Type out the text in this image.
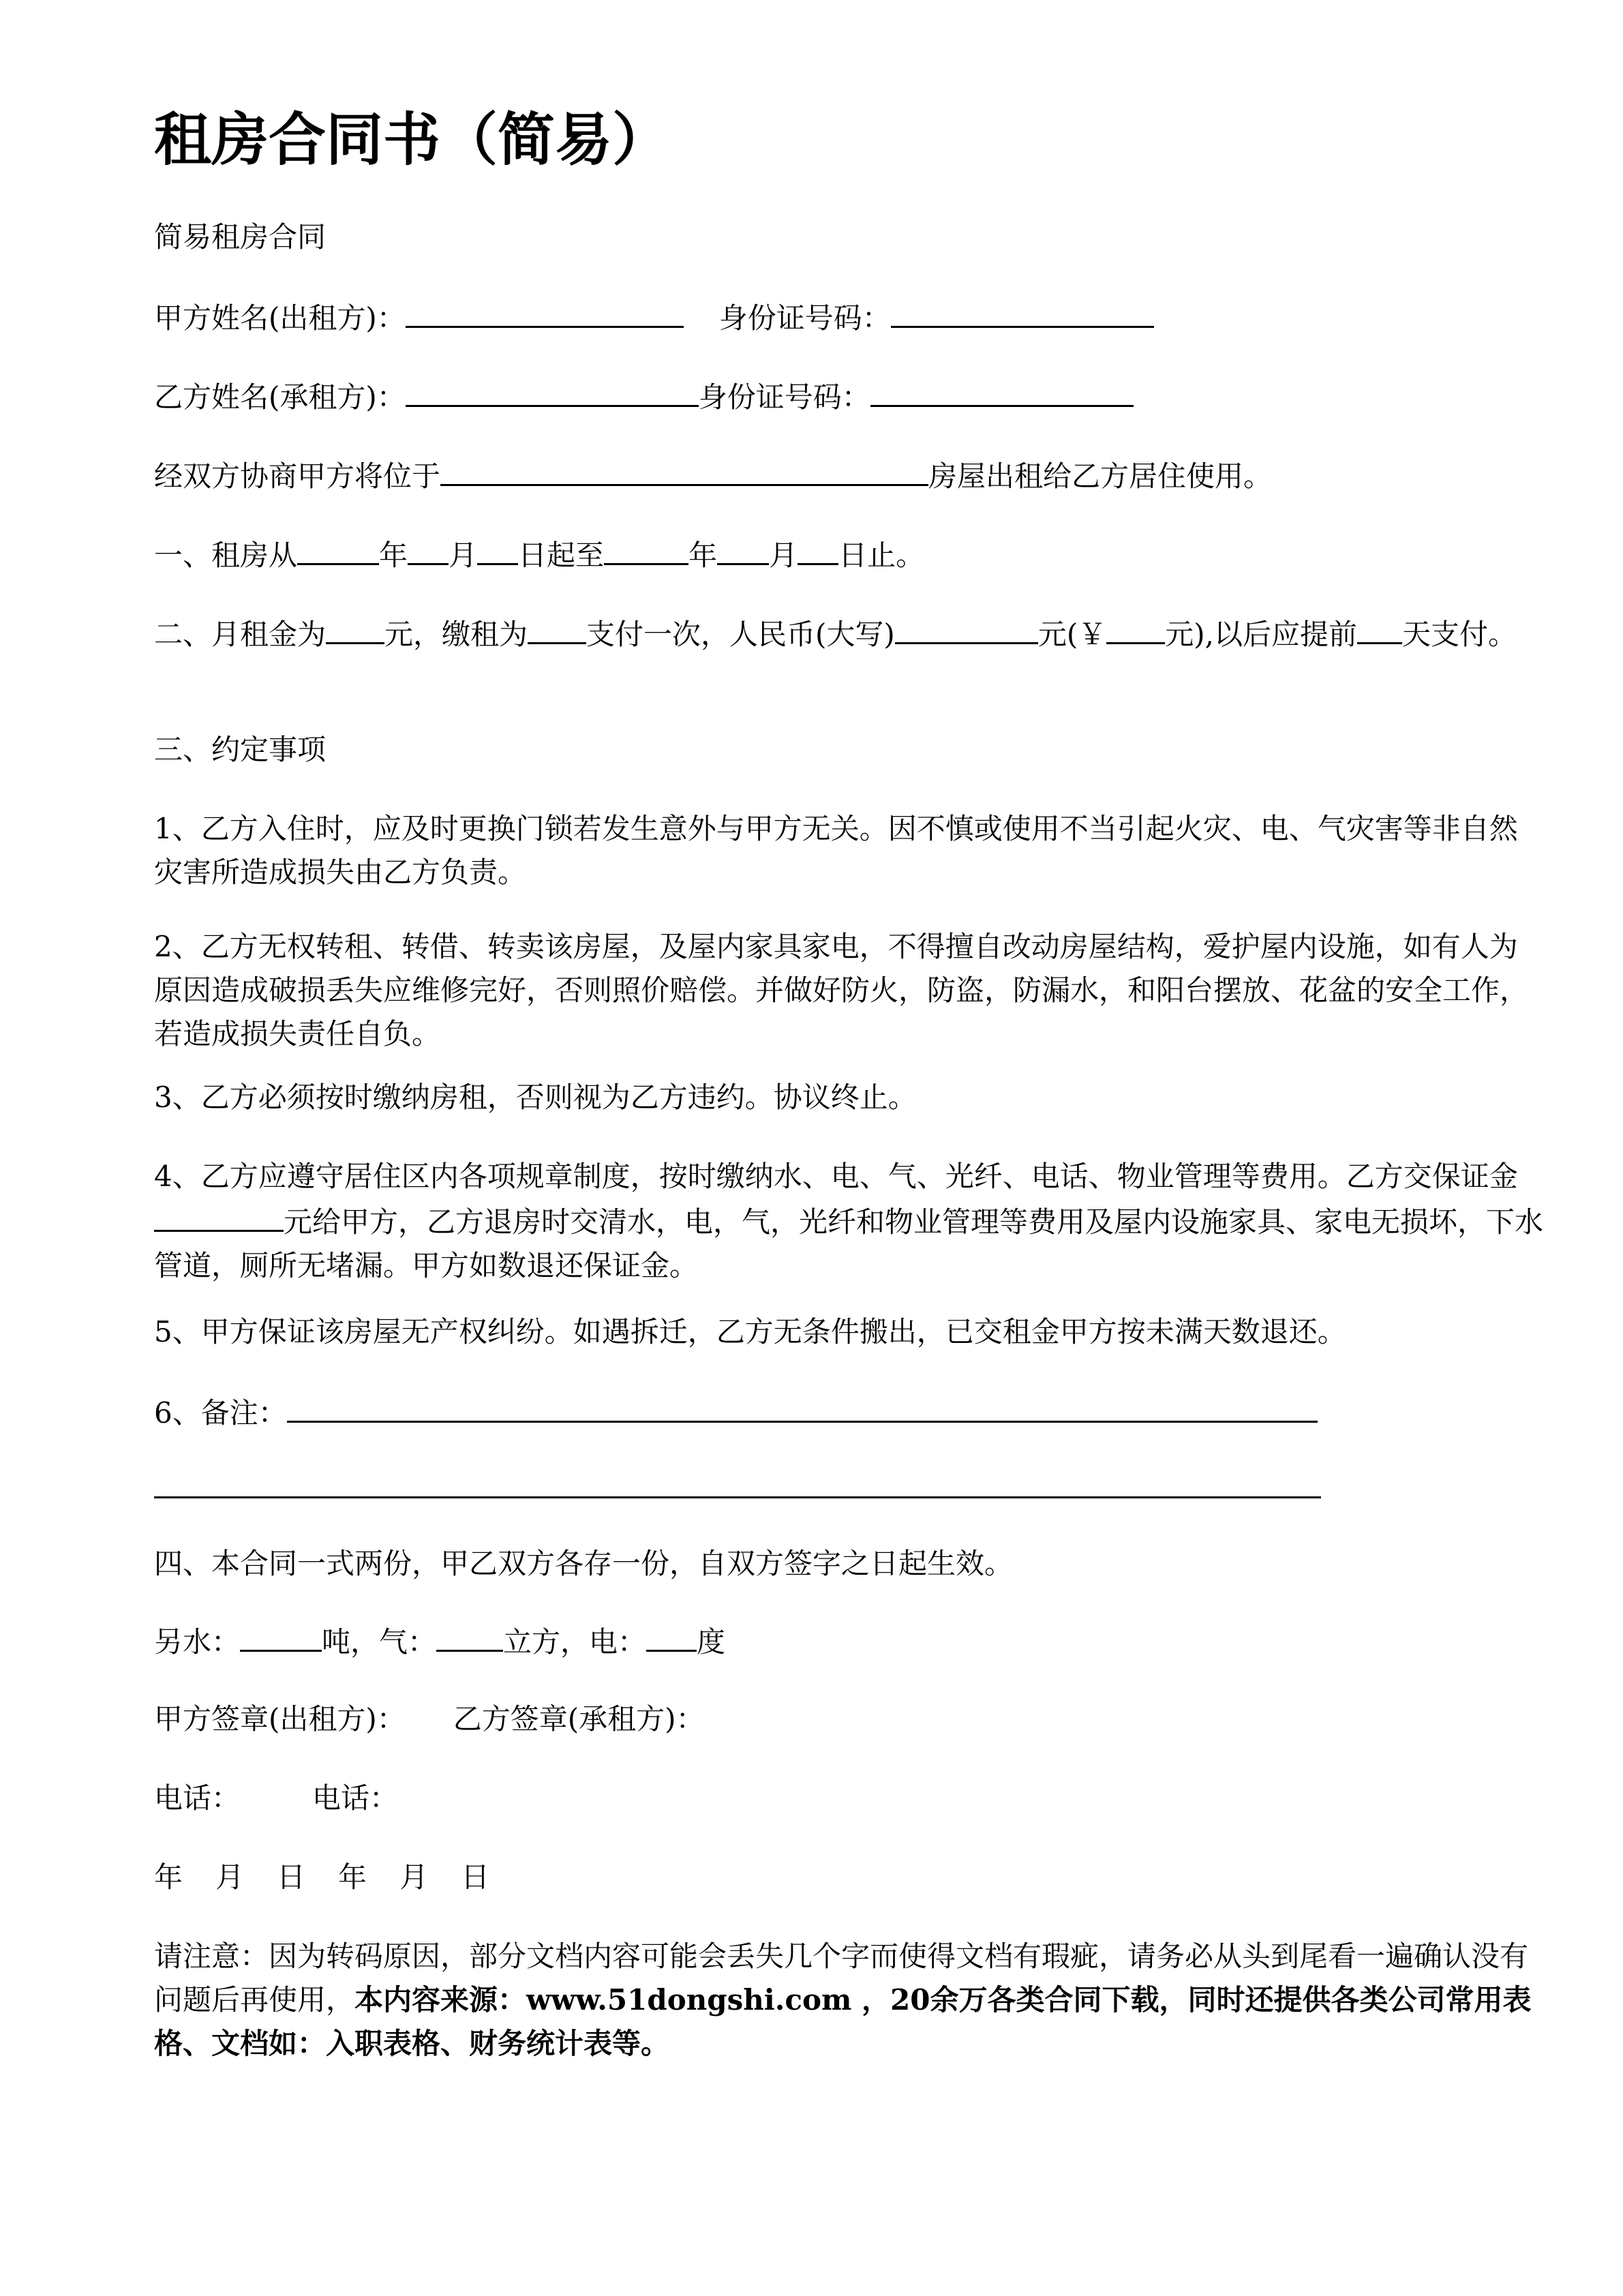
租房合同书（简易）
简易租房合同
甲方姓名(出租方)：	身份证号码：
乙方姓名(承租方)：	身份证号码：
经双方协商甲方将位于	房屋出租给乙方居住使用。
一、租房从	年 月 日起至	年 月 日止。
二、月租金为 元，缴租为 支付一次，人民币(大写)	元(￥ 元),以后应提前 天支付。
三、约定事项
1、乙方入住时，应及时更换门锁若发生意外与甲方无关。因不慎或使用不当引起火灾、电、气灾害等非自然灾害所造成损失由乙方负责。
2、乙方无权转租、转借、转卖该房屋，及屋内家具家电，不得擅自改动房屋结构，爱护屋内设施，如有人为原因造成破损丢失应维修完好，否则照价赔偿。并做好防火，防盗，防漏水，和阳台摆放、花盆的安全工作，若造成损失责任自负。
3、乙方必须按时缴纳房租，否则视为乙方违约。协议终止。
4、乙方应遵守居住区内各项规章制度，按时缴纳水、电、气、光纤、电话、物业管理等费用。乙方交保证金元给甲方，乙方退房时交清水，电，气，光纤和物业管理等费用及屋内设施家具、家电无损坏，下水管道，厕所无堵漏。甲方如数退还保证金。
5、甲方保证该房屋无产权纠纷。如遇拆迁，乙方无条件搬出，已交租金甲方按未满天数退还。
6、备注：
四、本合同一式两份，甲乙双方各存一份，自双方签字之日起生效。
另水：	吨，气： 立方，电： 度
甲方签章(出租方)： 乙方签章(承租方)：
电话：	电话：
年 月 日 年 月 日
请注意：因为转码原因，部分文档内容可能会丢失几个字而使得文档有瑕疵，请务必从头到尾看一遍确认没有问题后再使用，本内容来源：www.51dongshi.com ，20余万各类合同下载，同时还提供各类公司常用表格、文档如：入职表格、财务统计表等。
